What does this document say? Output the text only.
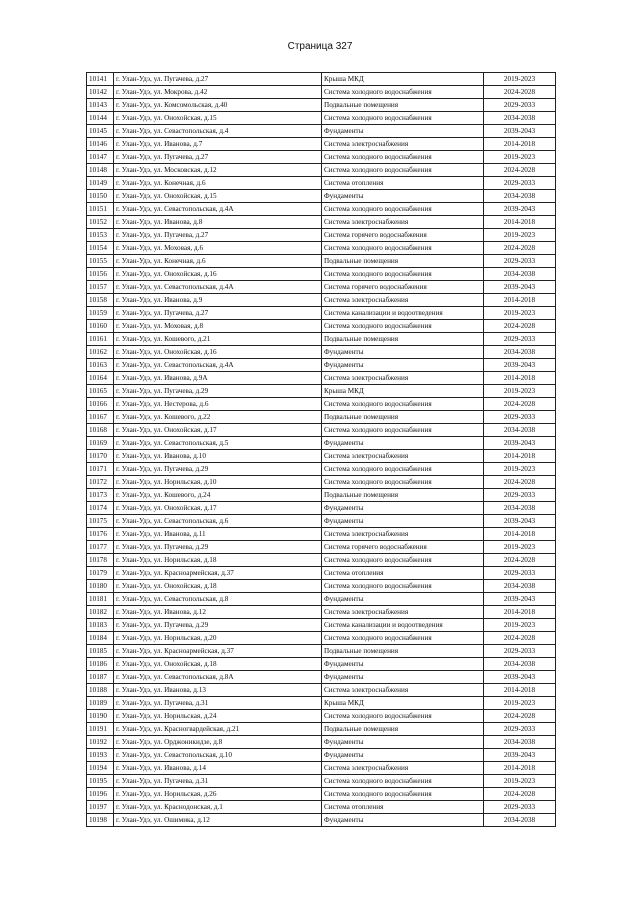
Страница 327
10141	г. Улан-Удэ, ул. Пугачева, д.27	Крыша МКД	2019-2023
10142	г. Улан-Удэ, ул. Мокрова, д.42	Система холодного водоснабжения	2024-2028
10143	г. Улан-Удэ, ул. Комсомольская, д.40	Подвальные помещения	2029-2033
10144	г. Улан-Удэ, ул. Онохойская, д.15	Система холодного водоснабжения	2034-2038
10145	г. Улан-Удэ, ул. Севастопольская, д.4	Фундаменты	2039-2043
10146	г. Улан-Удэ, ул. Иванова, д.7	Система электроснабжения	2014-2018
10147	г. Улан-Удэ, ул. Пугачева, д.27	Система холодного водоснабжения	2019-2023
10148	г. Улан-Удэ, ул. Московская, д.12	Система холодного водоснабжения	2024-2028
10149	г. Улан-Удэ, ул. Конечная, д.6	Система отопления	2029-2033
10150	г. Улан-Удэ, ул. Онохойская, д.15	Фундаменты	2034-2038
10151	г. Улан-Удэ, ул. Севастопольская, д.4А	Система холодного водоснабжения	2039-2043
10152	г. Улан-Удэ, ул. Иванова, д.8	Система электроснабжения	2014-2018
10153	г. Улан-Удэ, ул. Пугачева, д.27	Система горячего водоснабжения	2019-2023
10154	г. Улан-Удэ, ул. Моховая, д.6	Система холодного водоснабжения	2024-2028
10155	г. Улан-Удэ, ул. Конечная, д.6	Подвальные помещения	2029-2033
10156	г. Улан-Удэ, ул. Онохойская, д.16	Система холодного водоснабжения	2034-2038
10157	г. Улан-Удэ, ул. Севастопольская, д.4А	Система горячего водоснабжения	2039-2043
10158	г. Улан-Удэ, ул. Иванова, д.9	Система электроснабжения	2014-2018
10159	г. Улан-Удэ, ул. Пугачева, д.27	Система канализации и водоотведения	2019-2023
10160	г. Улан-Удэ, ул. Моховая, д.8	Система холодного водоснабжения	2024-2028
10161	г. Улан-Удэ, ул. Кошевого, д.21	Подвальные помещения	2029-2033
10162	г. Улан-Удэ, ул. Онохойская, д.16	Фундаменты	2034-2038
10163	г. Улан-Удэ, ул. Севастопольская, д.4А	Фундаменты	2039-2043
10164	г. Улан-Удэ, ул. Иванова, д.9А	Система электроснабжения	2014-2018
10165	г. Улан-Удэ, ул. Пугачева, д.29	Крыша МКД	2019-2023
10166	г. Улан-Удэ, ул. Нестерова, д.6	Система холодного водоснабжения	2024-2028
10167	г. Улан-Удэ, ул. Кошевого, д.22	Подвальные помещения	2029-2033
10168	г. Улан-Удэ, ул. Онохойская, д.17	Система холодного водоснабжения	2034-2038
10169	г. Улан-Удэ, ул. Севастопольская, д.5	Фундаменты	2039-2043
10170	г. Улан-Удэ, ул. Иванова, д.10	Система электроснабжения	2014-2018
10171	г. Улан-Удэ, ул. Пугачева, д.29	Система холодного водоснабжения	2019-2023
10172	г. Улан-Удэ, ул. Норильская, д.10	Система холодного водоснабжения	2024-2028
10173	г. Улан-Удэ, ул. Кошевого, д.24	Подвальные помещения	2029-2033
10174	г. Улан-Удэ, ул. Онохойская, д.17	Фундаменты	2034-2038
10175	г. Улан-Удэ, ул. Севастопольская, д.6	Фундаменты	2039-2043
10176	г. Улан-Удэ, ул. Иванова, д.11	Система электроснабжения	2014-2018
10177	г. Улан-Удэ, ул. Пугачева, д.29	Система горячего водоснабжения	2019-2023
10178	г. Улан-Удэ, ул. Норильская, д.18	Система холодного водоснабжения	2024-2028
10179	г. Улан-Удэ, ул. Красноармейская, д.37	Система отопления	2029-2033
10180	г. Улан-Удэ, ул. Онохойская, д.18	Система холодного водоснабжения	2034-2038
10181	г. Улан-Удэ, ул. Севастопольская, д.8	Фундаменты	2039-2043
10182	г. Улан-Удэ, ул. Иванова, д.12	Система электроснабжения	2014-2018
10183	г. Улан-Удэ, ул. Пугачева, д.29	Система канализации и водоотведения	2019-2023
10184	г. Улан-Удэ, ул. Норильская, д.20	Система холодного водоснабжения	2024-2028
10185	г. Улан-Удэ, ул. Красноармейская, д.37	Подвальные помещения	2029-2033
10186	г. Улан-Удэ, ул. Онохойская, д.18	Фундаменты	2034-2038
10187	г. Улан-Удэ, ул. Севастопольская, д.8А	Фундаменты	2039-2043
10188	г. Улан-Удэ, ул. Иванова, д.13	Система электроснабжения	2014-2018
10189	г. Улан-Удэ, ул. Пугачева, д.31	Крыша МКД	2019-2023
10190	г. Улан-Удэ, ул. Норильская, д.24	Система холодного водоснабжения	2024-2028
10191	г. Улан-Удэ, ул. Красногвардейская, д.21	Подвальные помещения	2029-2033
10192	г. Улан-Удэ, ул. Орджоникидзе, д.8	Фундаменты	2034-2038
10193	г. Улан-Удэ, ул. Севастопольская, д.10	Фундаменты	2039-2043
10194	г. Улан-Удэ, ул. Иванова, д.14	Система электроснабжения	2014-2018
10195	г. Улан-Удэ, ул. Пугачева, д.31	Система холодного водоснабжения	2019-2023
10196	г. Улан-Удэ, ул. Норильская, д.26	Система холодного водоснабжения	2024-2028
10197	г. Улан-Удэ, ул. Краснодонская, д.1	Система отопления	2029-2033
10198	г. Улан-Удэ, ул. Ошимика, д.12	Фундаменты	2034-2038
